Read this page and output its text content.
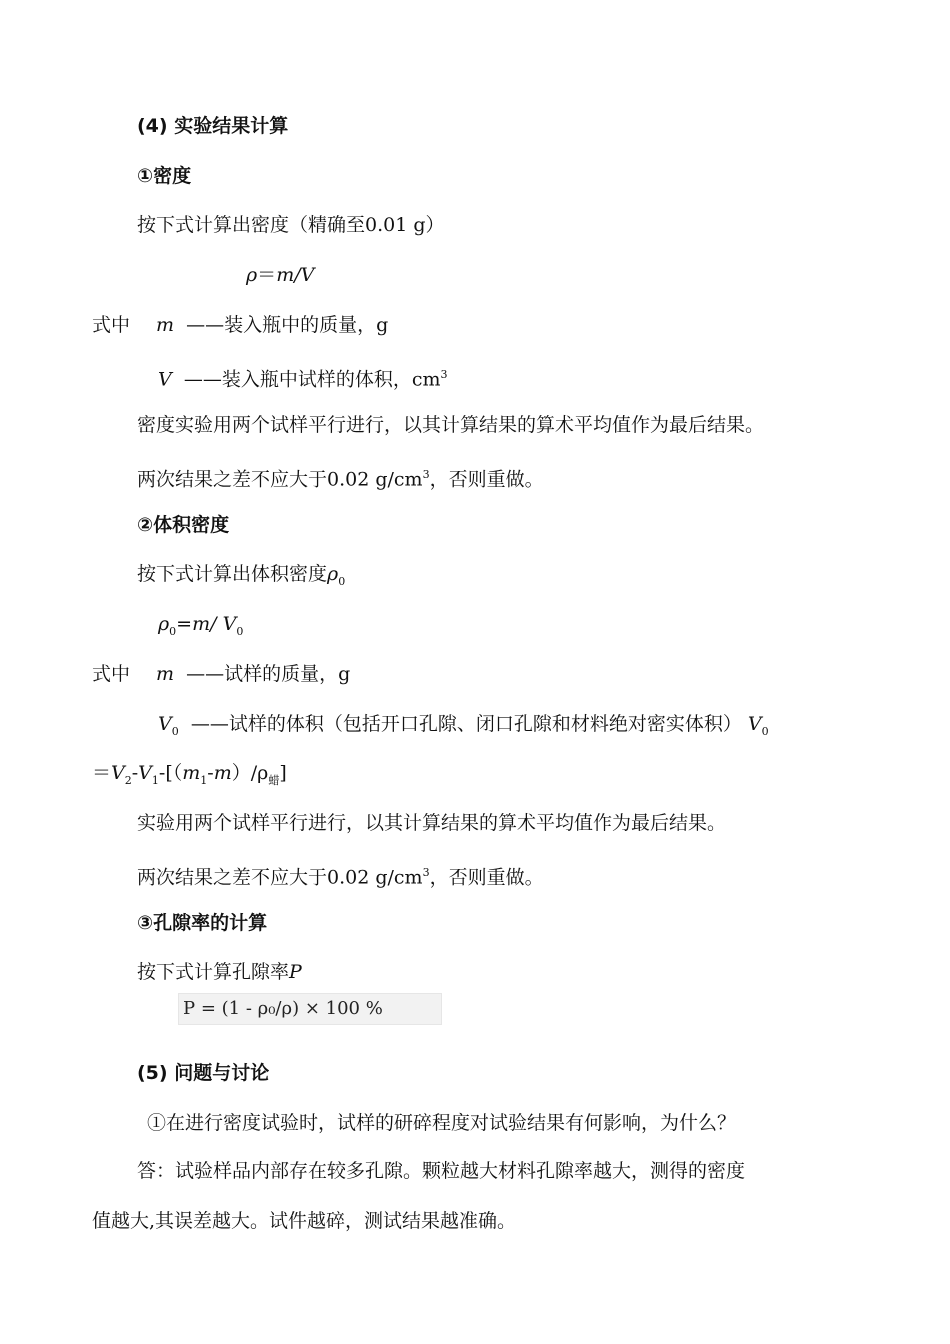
(4) 实验结果计算
①密度
按下式计算出密度（精确至0.01 g）
ρ＝m/V
式中 m ——装入瓶中的质量，g
V ——装入瓶中试样的体积，$cm^3$
密度实验用两个试样平行进行，以其计算结果的算术平均值作为最后结果。
两次结果之差不应大于0.02 $g/cm^3$，否则重做。
②体积密度
按下式计算出体积密度$\rho_0$
$\rho_0=m/$ $V_0$
式中 m ——试样的质量，g
$V_0$ ——试样的体积（包括开口孔隙、闭口孔隙和材料绝对密实体积） $V_0$
$=V_2-V_1-[(m_1-m)/\rho_蜡]$
实验用两个试样平行进行，以其计算结果的算术平均值作为最后结果。
两次结果之差不应大于0.02 $g/cm^3$，否则重做。
③孔隙率的计算
按下式计算孔隙率P
P = (1 - ρ₀/ρ) × 100 %
(5) 问题与讨论
①在进行密度试验时，试样的研碎程度对试验结果有何影响，为什么？
答：试验样品内部存在较多孔隙。颗粒越大材料孔隙率越大，测得的密度
值越大,其误差越大。试件越碎，测试结果越准确。
